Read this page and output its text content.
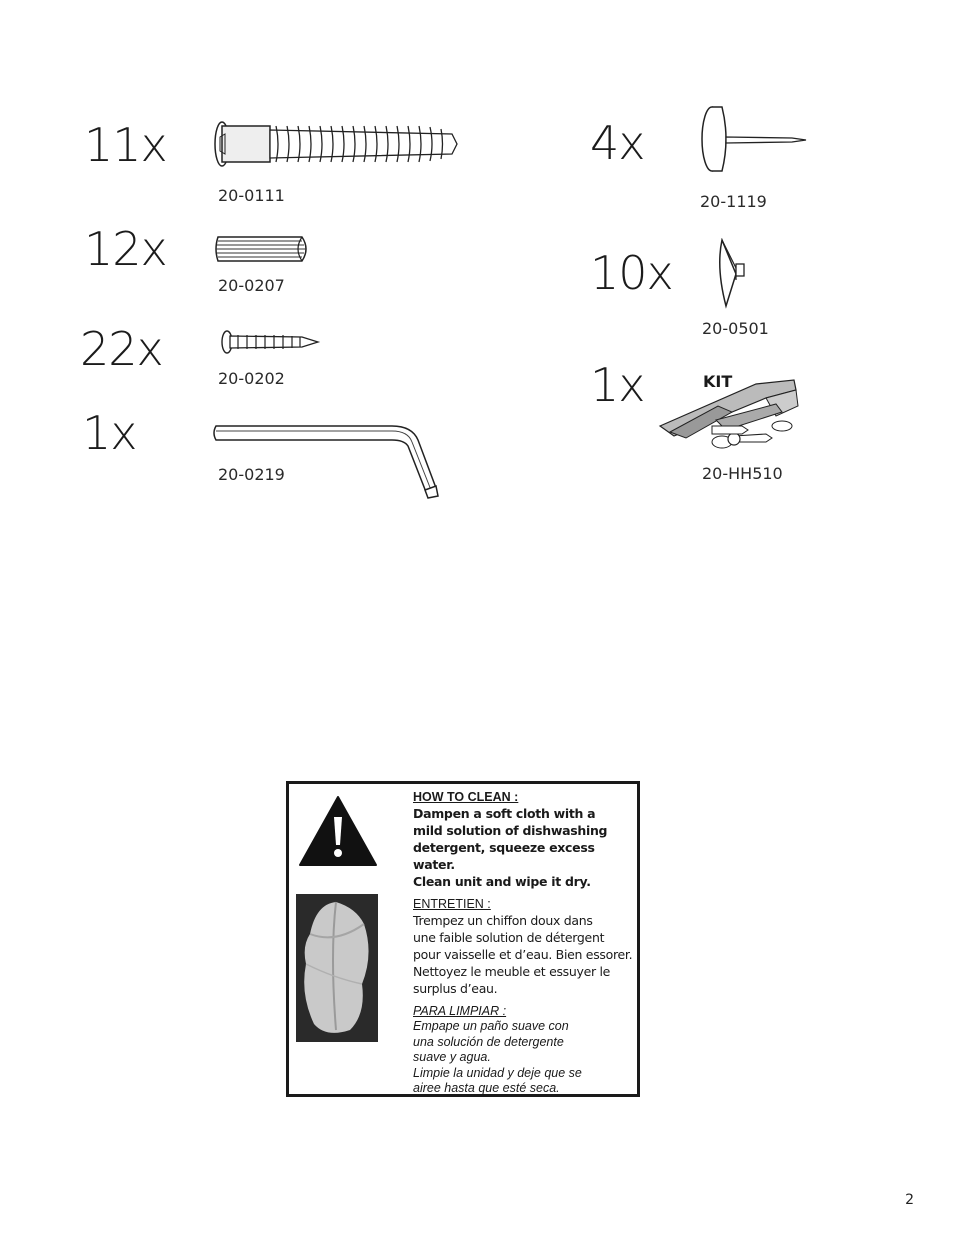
11x
20-0111
12x
20-0207
22x
20-0202
1x
20-0219
4x
20-1119
10x
20-0501
1x	KIT
20-HH510
HOW TO CLEAN :
Dampen a soft cloth with a
mild solution of dishwashing
detergent, squeeze excess water.
Clean unit and wipe it dry.
ENTRETIEN :
Trempez un chiffon doux dans
une faible solution de détergent
pour vaisselle et d’eau. Bien essorer.
Nettoyez le meuble et essuyer le
surplus d’eau.
PARA LIMPIAR :
Empape un paño suave con
una solución de detergente
suave y agua.
Limpie la unidad y deje que se
airee hasta que esté seca.
2
